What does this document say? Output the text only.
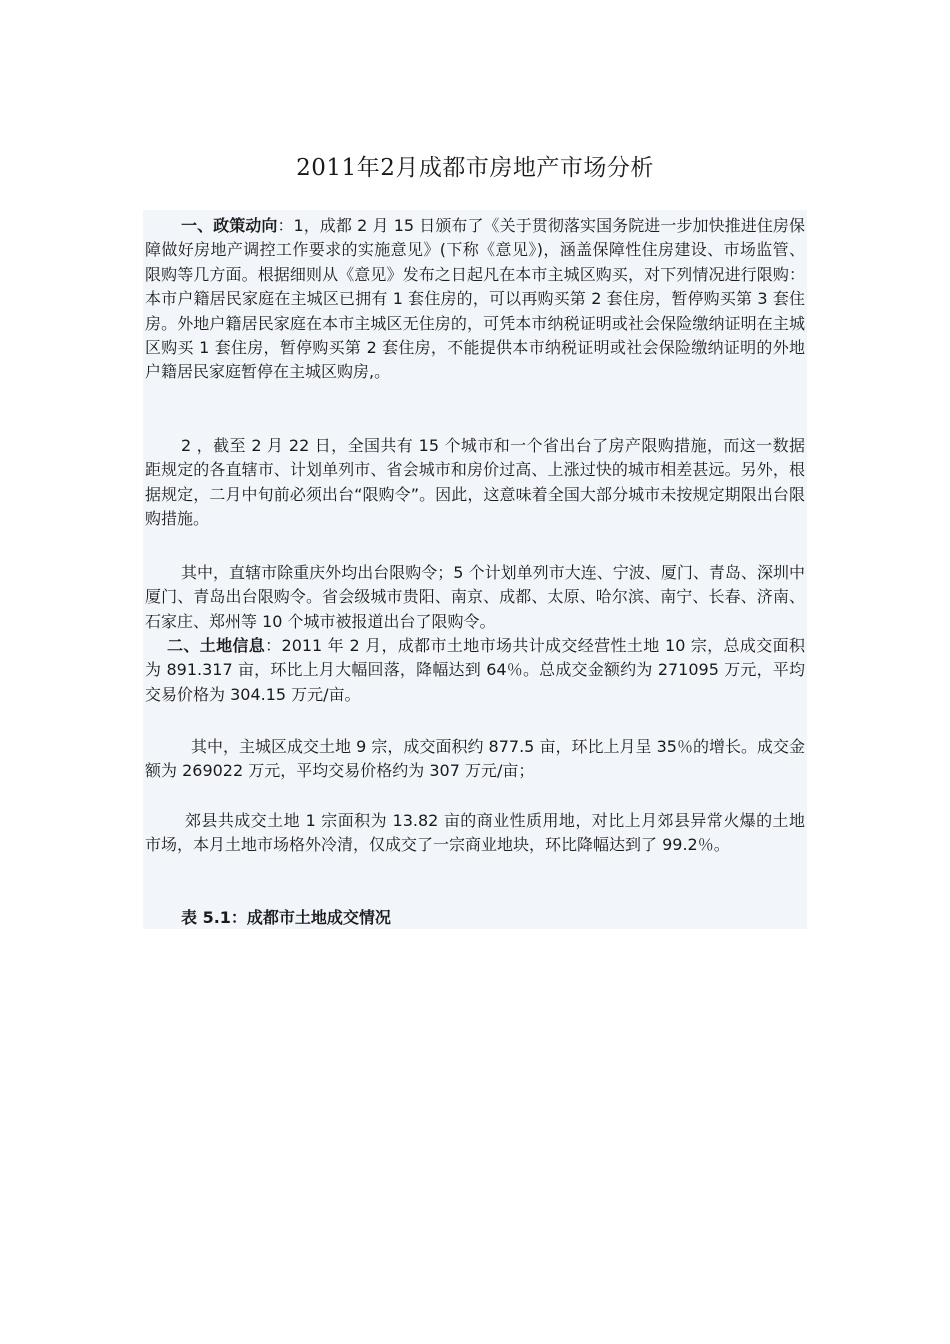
2011年2月成都市房地产市场分析
一、政策动向：1，成都 2 月 15 日颁布了《关于贯彻落实国务院进一步加快推进住房保障做好房地产调控工作要求的实施意见》(下称《意见》)，涵盖保障性住房建设、市场监管、限购等几方面。根据细则从《意见》发布之日起凡在本市主城区购买，对下列情况进行限购：本市户籍居民家庭在主城区已拥有 1 套住房的，可以再购买第 2 套住房，暂停购买第 3 套住房。外地户籍居民家庭在本市主城区无住房的，可凭本市纳税证明或社会保险缴纳证明在主城区购买 1 套住房，暂停购买第 2 套住房，不能提供本市纳税证明或社会保险缴纳证明的外地户籍居民家庭暂停在主城区购房,。
2 ，截至 2 月 22 日，全国共有 15 个城市和一个省出台了房产限购措施，而这一数据距规定的各直辖市、计划单列市、省会城市和房价过高、上涨过快的城市相差甚远。另外，根据规定，二月中旬前必须出台“限购令”。因此，这意味着全国大部分城市未按规定期限出台限购措施。
其中，直辖市除重庆外均出台限购令；5 个计划单列市大连、宁波、厦门、青岛、深圳中厦门、青岛出台限购令。省会级城市贵阳、南京、成都、太原、哈尔滨、南宁、长春、济南、石家庄、郑州等 10 个城市被报道出台了限购令。
二、土地信息：2011 年 2 月，成都市土地市场共计成交经营性土地 10 宗，总成交面积为 891.317 亩，环比上月大幅回落，降幅达到 64％。总成交金额约为 271095 万元，平均交易价格为 304.15 万元/亩。
其中，主城区成交土地 9 宗，成交面积约 877.5 亩，环比上月呈 35％的增长。成交金额为 269022 万元，平均交易价格约为 307 万元/亩；
郊县共成交土地 1 宗面积为 13.82 亩的商业性质用地，对比上月郊县异常火爆的土地市场，本月土地市场格外冷清，仅成交了一宗商业地块，环比降幅达到了 99.2％。
表 5.1：成都市土地成交情况
